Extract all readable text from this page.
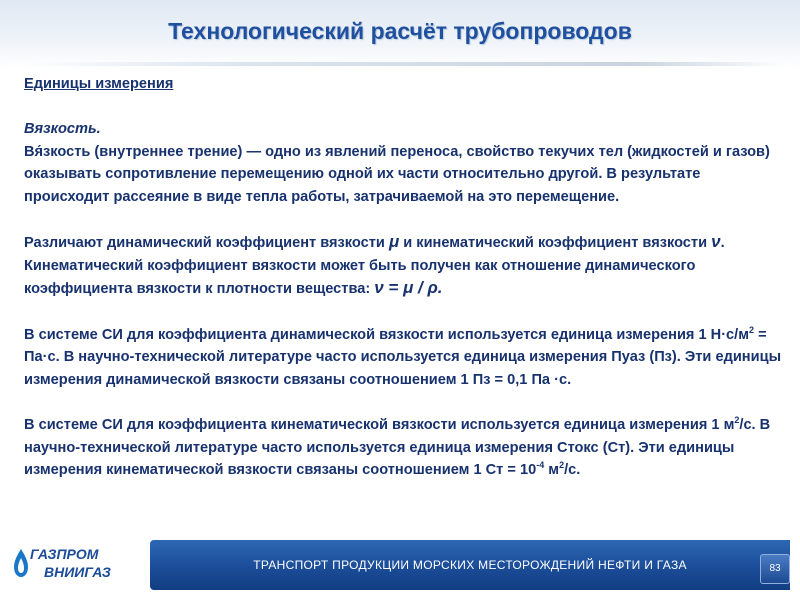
Технологический расчёт трубопроводов

Единицы измерения

Вязкость.

Вя́зкость (внутреннее трение) — одно из явлений переноса, свойство текучих тел (жидкостей и газов) оказывать сопротивление перемещению одной их части относительно другой. В результате происходит рассеяние в виде тепла работы, затрачиваемой на это перемещение.

Различают динамический коэффициент вязкости μ и кинематический коэффициент вязкости ν. Кинематический коэффициент вязкости может быть получен как отношение динамического коэффициента вязкости к плотности вещества: ν = μ / ρ.

В системе СИ для коэффициента динамической вязкости используется единица измерения 1 $Н\cdot с/м^2 = Па\cdot с$. В научно-технической литературе часто используется единица измерения Пуаз (Пз). Эти единицы измерения динамической вязкости связаны соотношением 1 Пз = 0,1 Па ·с.

В системе СИ для коэффициента кинематической вязкости используется единица измерения 1 $м^2/с$. В научно-технической литературе часто используется единица измерения Стокс (Ст). Эти единицы измерения кинематической вязкости связаны соотношением 1 Ст = $10^{-4}$ $м^2/с$.

ТРАНСПОРТ ПРОДУКЦИИ МОРСКИХ МЕСТОРОЖДЕНИЙ НЕФТИ И ГАЗА
ГАЗПРОМ
ВНИИГАЗ	83
